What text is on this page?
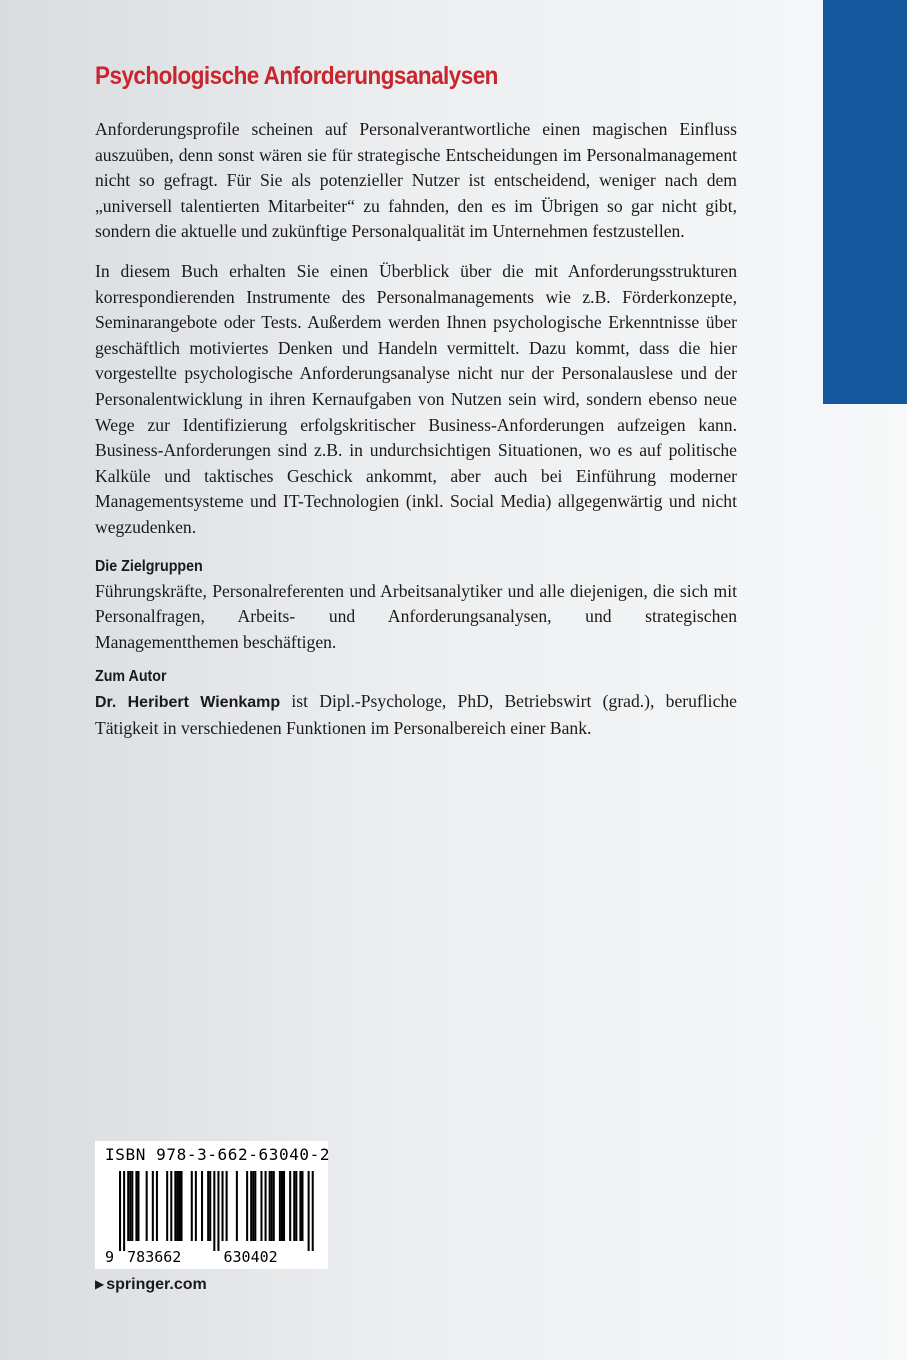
Psychologische Anforderungsanalysen

Anforderungsprofile scheinen auf Personalverantwortliche einen magischen Einfluss auszuüben, denn sonst wären sie für strategische Entscheidungen im Personalmanagement nicht so gefragt. Für Sie als potenzieller Nutzer ist entscheidend, weniger nach dem „universell talentierten Mitarbeiter“ zu fahnden, den es im Übrigen so gar nicht gibt, sondern die aktuelle und zukünftige Personalqualität im Unternehmen festzustellen.

In diesem Buch erhalten Sie einen Überblick über die mit Anforderungsstrukturen korrespondierenden Instrumente des Personalmanagements wie z.B. Förderkonzepte, Seminarangebote oder Tests. Außerdem werden Ihnen psychologische Erkenntnisse über geschäftlich motiviertes Denken und Handeln vermittelt. Dazu kommt, dass die hier vorgestellte psychologische Anforderungsanalyse nicht nur der Personalauslese und der Personalentwicklung in ihren Kernaufgaben von Nutzen sein wird, sondern ebenso neue Wege zur Identifizierung erfolgskritischer Business-Anforderungen aufzeigen kann. Business-Anforderungen sind z.B. in undurchsichtigen Situationen, wo es auf politische Kalküle und taktisches Geschick ankommt, aber auch bei Einführung moderner Managementsysteme und IT-Technologien (inkl. Social Media) allgegenwärtig und nicht wegzudenken.

Die Zielgruppen

Führungskräfte, Personalreferenten und Arbeitsanalytiker und alle diejenigen, die sich mit Personalfragen, Arbeits- und Anforderungsanalysen, und strategischen Managementthemen beschäftigen.

Zum Autor

Dr. Heribert Wienkamp ist Dipl.-Psychologe, PhD, Betriebswirt (grad.), berufliche Tätigkeit in verschiedenen Funktionen im Personalbereich einer Bank.

9 783662	630402
ISBN 978-3-662-63040-2
▶ springer.com
